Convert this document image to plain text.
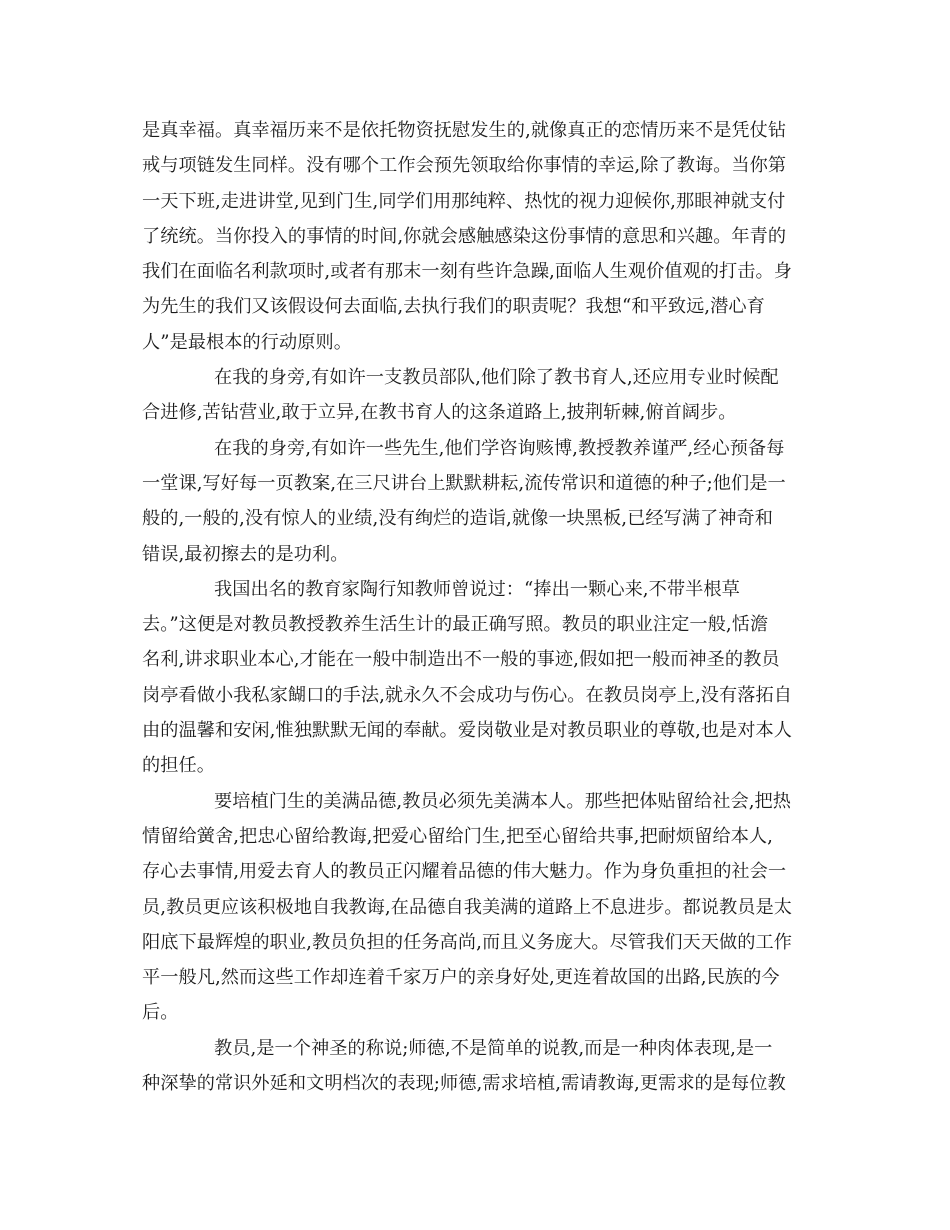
是真幸福。真幸福历来不是依托物资抚慰发生的,就像真正的恋情历来不是凭仗钻
戒与项链发生同样。没有哪个工作会预先领取给你事情的幸运,除了教诲。当你第
一天下班,走进讲堂,见到门生,同学们用那纯粹、热忱的视力迎候你,那眼神就支付
了统统。当你投入的事情的时间,你就会感触感染这份事情的意思和兴趣。年青的
我们在面临名利款项时,或者有那末一刻有些许急躁,面临人生观价值观的打击。身
为先生的我们又该假设何去面临,去执行我们的职责呢？我想“和平致远,潜心育
人”是最根本的行动原则。
在我的身旁,有如许一支教员部队,他们除了教书育人,还应用专业时候配
合进修,苦钻营业,敢于立异,在教书育人的这条道路上,披荆斩棘,俯首阔步。
在我的身旁,有如许一些先生,他们学咨询赅博,教授教养谨严,经心预备每
一堂课,写好每一页教案,在三尺讲台上默默耕耘,流传常识和道德的种子;他们是一
般的,一般的,没有惊人的业绩,没有绚烂的造诣,就像一块黑板,已经写满了神奇和
错误,最初擦去的是功利。
我国出名的教育家陶行知教师曾说过：“捧出一颗心来,不带半根草
去。”这便是对教员教授教养生活生计的最正确写照。教员的职业注定一般,恬澹
名利,讲求职业本心,才能在一般中制造出不一般的事迹,假如把一般而神圣的教员
岗亭看做小我私家餬口的手法,就永久不会成功与伤心。在教员岗亭上,没有落拓自
由的温馨和安闲,惟独默默无闻的奉献。爱岗敬业是对教员职业的尊敬,也是对本人
的担任。
要培植门生的美满品德,教员必须先美满本人。那些把体贴留给社会,把热
情留给黉舍,把忠心留给教诲,把爱心留给门生,把至心留给共事,把耐烦留给本人,
存心去事情,用爱去育人的教员正闪耀着品德的伟大魅力。作为身负重担的社会一
员,教员更应该积极地自我教诲,在品德自我美满的道路上不息进步。都说教员是太
阳底下最辉煌的职业,教员负担的任务高尚,而且义务庞大。尽管我们天天做的工作
平一般凡,然而这些工作却连着千家万户的亲身好处,更连着故国的出路,民族的今
后。
教员,是一个神圣的称说;师德,不是简单的说教,而是一种肉体表现,是一
种深挚的常识外延和文明档次的表现;师德,需求培植,需请教诲,更需求的是每位教
